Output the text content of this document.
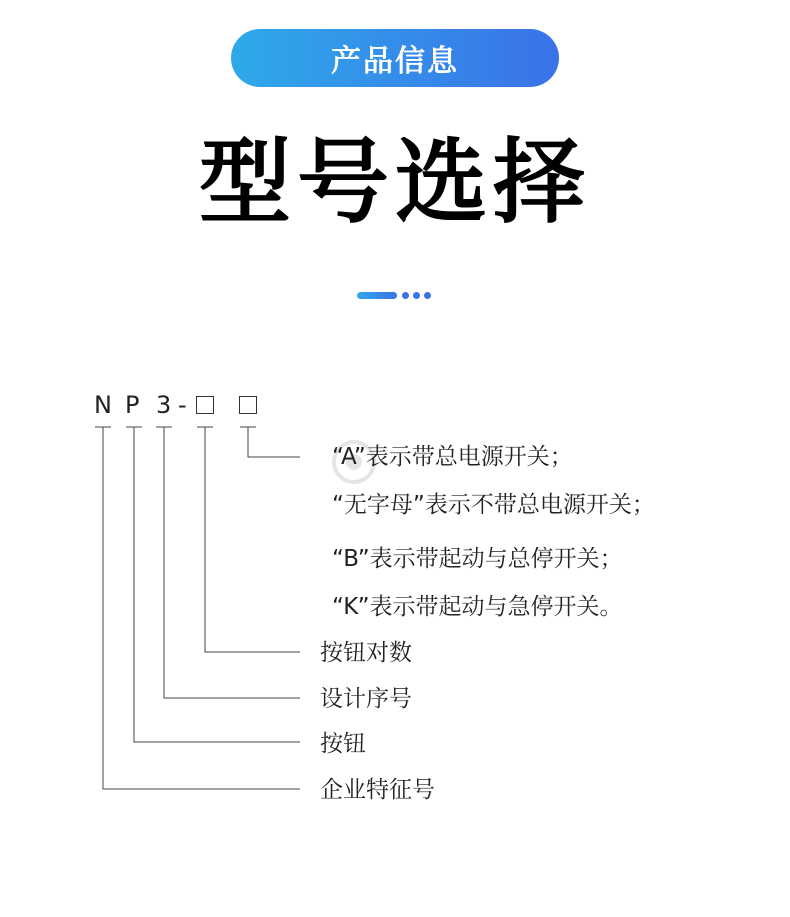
产品信息
型号选择
N P 3 -
“A”表示带总电源开关；
“无字母”表示不带总电源开关；
“B”表示带起动与总停开关；
“K”表示带起动与急停开关。
按钮对数
设计序号
按钮
企业特征号
